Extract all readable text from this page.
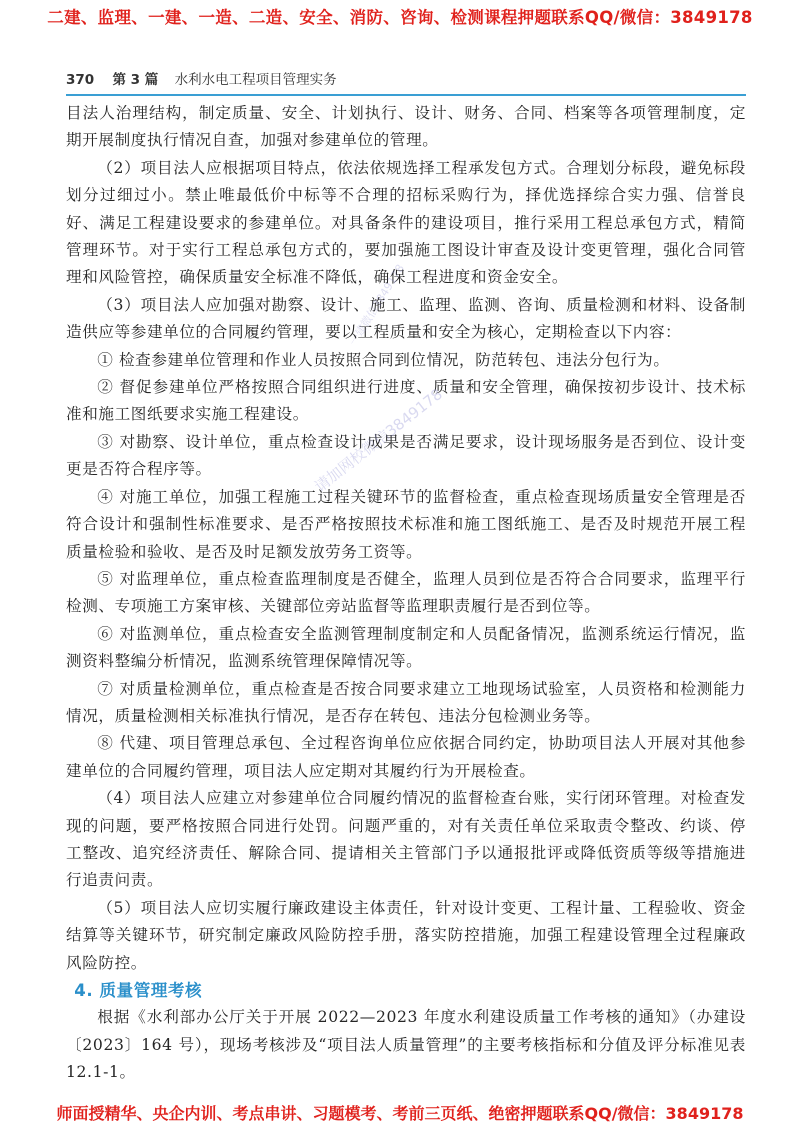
二建、监理、一建、一造、二造、安全、消防、咨询、检测课程押题联系QQ/微信：3849178
370 第 3 篇 水利水电工程项目管理实务

目法人治理结构，制定质量、安全、计划执行、设计、财务、合同、档案等各项管理制度，定期开展制度执行情况自查，加强对参建单位的管理。

（2）项目法人应根据项目特点，依法依规选择工程承发包方式。合理划分标段，避免标段划分过细过小。禁止唯最低价中标等不合理的招标采购行为，择优选择综合实力强、信誉良好、满足工程建设要求的参建单位。对具备条件的建设项目，推行采用工程总承包方式，精简管理环节。对于实行工程总承包方式的，要加强施工图设计审查及设计变更管理，强化合同管理和风险管控，确保质量安全标准不降低，确保工程进度和资金安全。

（3）项目法人应加强对勘察、设计、施工、监理、监测、咨询、质量检测和材料、设备制造供应等参建单位的合同履约管理，要以工程质量和安全为核心，定期检查以下内容：

① 检查参建单位管理和作业人员按照合同到位情况，防范转包、违法分包行为。

② 督促参建单位严格按照合同组织进行进度、质量和安全管理，确保按初步设计、技术标准和施工图纸要求实施工程建设。

③ 对勘察、设计单位，重点检查设计成果是否满足要求，设计现场服务是否到位、设计变更是否符合程序等。

④ 对施工单位，加强工程施工过程关键环节的监督检查，重点检查现场质量安全管理是否符合设计和强制性标准要求、是否严格按照技术标准和施工图纸施工、是否及时规范开展工程质量检验和验收、是否及时足额发放劳务工资等。

⑤ 对监理单位，重点检查监理制度是否健全，监理人员到位是否符合合同要求，监理平行检测、专项施工方案审核、关键部位旁站监督等监理职责履行是否到位等。

⑥ 对监测单位，重点检查安全监测管理制度制定和人员配备情况，监测系统运行情况，监测资料整编分析情况，监测系统管理保障情况等。

⑦ 对质量检测单位，重点检查是否按合同要求建立工地现场试验室，人员资格和检测能力情况，质量检测相关标准执行情况，是否存在转包、违法分包检测业务等。

⑧ 代建、项目管理总承包、全过程咨询单位应依据合同约定，协助项目法人开展对其他参建单位的合同履约管理，项目法人应定期对其履约行为开展检查。

（4）项目法人应建立对参建单位合同履约情况的监督检查台账，实行闭环管理。对检查发现的问题，要严格按照合同进行处罚。问题严重的，对有关责任单位采取责令整改、约谈、停工整改、追究经济责任、解除合同、提请相关主管部门予以通报批评或降低资质等级等措施进行追责问责。

（5）项目法人应切实履行廉政建设主体责任，针对设计变更、工程计量、工程验收、资金结算等关键环节，研究制定廉政风险防控手册，落实防控措施，加强工程建设管理全过程廉政风险防控。

4. 质量管理考核

根据《水利部办公厅关于开展 2022—2023 年度水利建设质量工作考核的通知》（办建设〔2023〕164 号），现场考核涉及“项目法人质量管理”的主要考核指标和分值及评分标准见表 12.1-1。

一建微信3849178
请加网校微信3849178
师面授精华、央企内训、考点串讲、习题模考、考前三页纸、绝密押题联系QQ/微信：3849178
